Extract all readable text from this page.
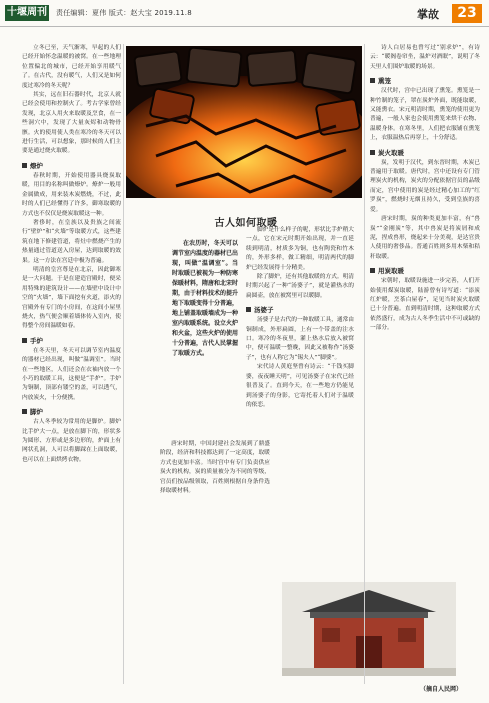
十堰周刊 责任编辑：夏伟 版式：赵大宝 2019.11.8	掌故	23

立冬已至，天气渐寒，早起的人们已经开始怀念温暖的被窝。在一些地理位置偏北的城市，已经开始享用暖气了。在古代，没有暖气，人们又是如何度过寒冷的冬天呢？

其实，远在旧石器时代，北京人就已经会使用和控制火了。考古学家曾经发现，北京人用火来取暖及烹食，在一些洞穴中，发现了大量灰烬和动物骨骸。火的使用使人类在寒冷的冬天可以进行生活，可以想象，那时候的人们主要是通过烧火取暖。

燎炉

春秋时期，开始使用器具烧炭取暖，用目的名称叫做燎炉。燎炉一般用金属做成，用来装木炭燃烧，不过，此时的人们已经懂得了许多，御寒取暖的方式也不仅仅是烧炭取暖这一种。

奢侈时，在皇族以及贵族之间流行“壁炉”和“火墙”等取暖方式，这些建筑在地下修建管道，将灶中燃烧产生的热量通过管道送入房屋，达到取暖的效果。这一方法在宫廷中极为普遍。

明清的皇宫尊是在北京，因此御寒是一大问题。于是在建造宫殿时，便采用特殊的建筑设计——在墙壁中设计中空的“火墙”，墙下面挖有火道，添火的宫殿外有专门的小房间，在这间小屋里烧火，热气便会顺着墙体传入室内，使得整个房间温暖如春。

手炉

在冬天里，冬天可以调节室内温度的器材已经出现，叫做“温调室”。当时在一些地区，人们还会在衣袖内放一个小巧的取暖工具，这便是“手炉”。手炉为铜制，顶部有镂空的盖，可以透气，内放炭火，十分便携。

脚炉

古人冬季较为常用的是脚炉。脚炉比手炉大一点，是放在脚下的，形状多为圆形、方形或是多边形的，炉面上有网状孔洞，人可以将脚踩在上面取暖，也可以在上面烘烤衣物。

古人如何取暖

在农历时，冬天可以调节室内温度的器材已出现，叫做“温调室”。当时取暖已被视为一种防寒保暖材料，隋唐和北宋时期，由于材料技术的提升地下取暖变得十分普遍，地上铺盖取暖墙成为一种室内取暖系统。设立火炉和火盆，这些火炉的使用十分普遍，古代人民掌握了取暖方式。

脚炉是什么样子的呢，形状比手炉稍大一点，它在宋元时期开始出现，并一直延续到明清，材质多为铜，也有陶瓷和竹木的，外形多样，做工精细，明清两代的脚炉已经发展得十分精美。

除了脚炉，还有其他取暖的方式。明清时期兴起了一种“汤婆子”，就是灌热水的扁圆壶，放在被窝里可以暖脚。

汤婆子

汤婆子是古代的一种取暖工具，通常由铜制成，外形扁圆，上有一个带盖的注水口。寒冷的冬夜里，灌上热水后放入被窝中，便可温暖一整晚，因此又被称作“汤婆子”，也有人称它为“锡夫人”“脚婆”。

宋代诗人黄庭坚曾有诗云：“千钱买脚婆，夜夜睡天明”，可见汤婆子在宋代已经很普及了。直到今天，在一些地方仍能见到汤婆子的身影，它寄托着人们对于温暖的依恋。

唐宋时期，中国封建社会发展到了鼎盛阶段，经济和科技都达到了一定高度，取暖方式也更加丰富。当时宫中有专门负责供应炭火的机构，炭的质量被分为不同的等级，官员们按品级领取，百姓则根据自身条件选择取暖材料。

诗人白居易也曾写过“别求炉”，有诗云：“暖阁卷帘坐，温炉对酒眠”，说明了冬天里人们围炉取暖的场景。

熏笼

汉代时，宫中已出现了熏笼。熏笼是一种竹制的笼子，罩在炭炉外面，既能取暖，又能熏衣。宋元明清时期，熏笼的使用更为普遍，一般人家也会使用熏笼来烘干衣物、温暖身体。在寒冬里，人们把衣服铺在熏笼上，衣服温热后再穿上，十分舒适。

炭火取暖

炭，发明于汉代，到东晋时期，木炭已普遍用于取暖。唐代时，宫中还设有专门管理炭火的机构，炭火的分配依据官员的品级而定，宫中使用的炭是经过精心加工的“红罗炭”，燃烧时无烟且持久，受到皇族的喜爱。

唐宋时期，炭的种类更加丰富，有“兽炭”“金刚炭”等，其中兽炭是将炭屑和成泥，捏成兽形，烧起来十分美观，是达官贵人使用的奢侈品。普通百姓则多用木柴和秸秆取暖。

用炭取暖

宋朝时，取暖设施进一步完善，人们开始使用煤炭取暖，陆游曾有诗写道：“添炭红炉暖，烹茶白屋春”，足见当时炭火取暖已十分普遍。直到明清时期，这种取暖方式依然盛行，成为古人冬季生活中不可或缺的一部分。

（摘自人民网）
